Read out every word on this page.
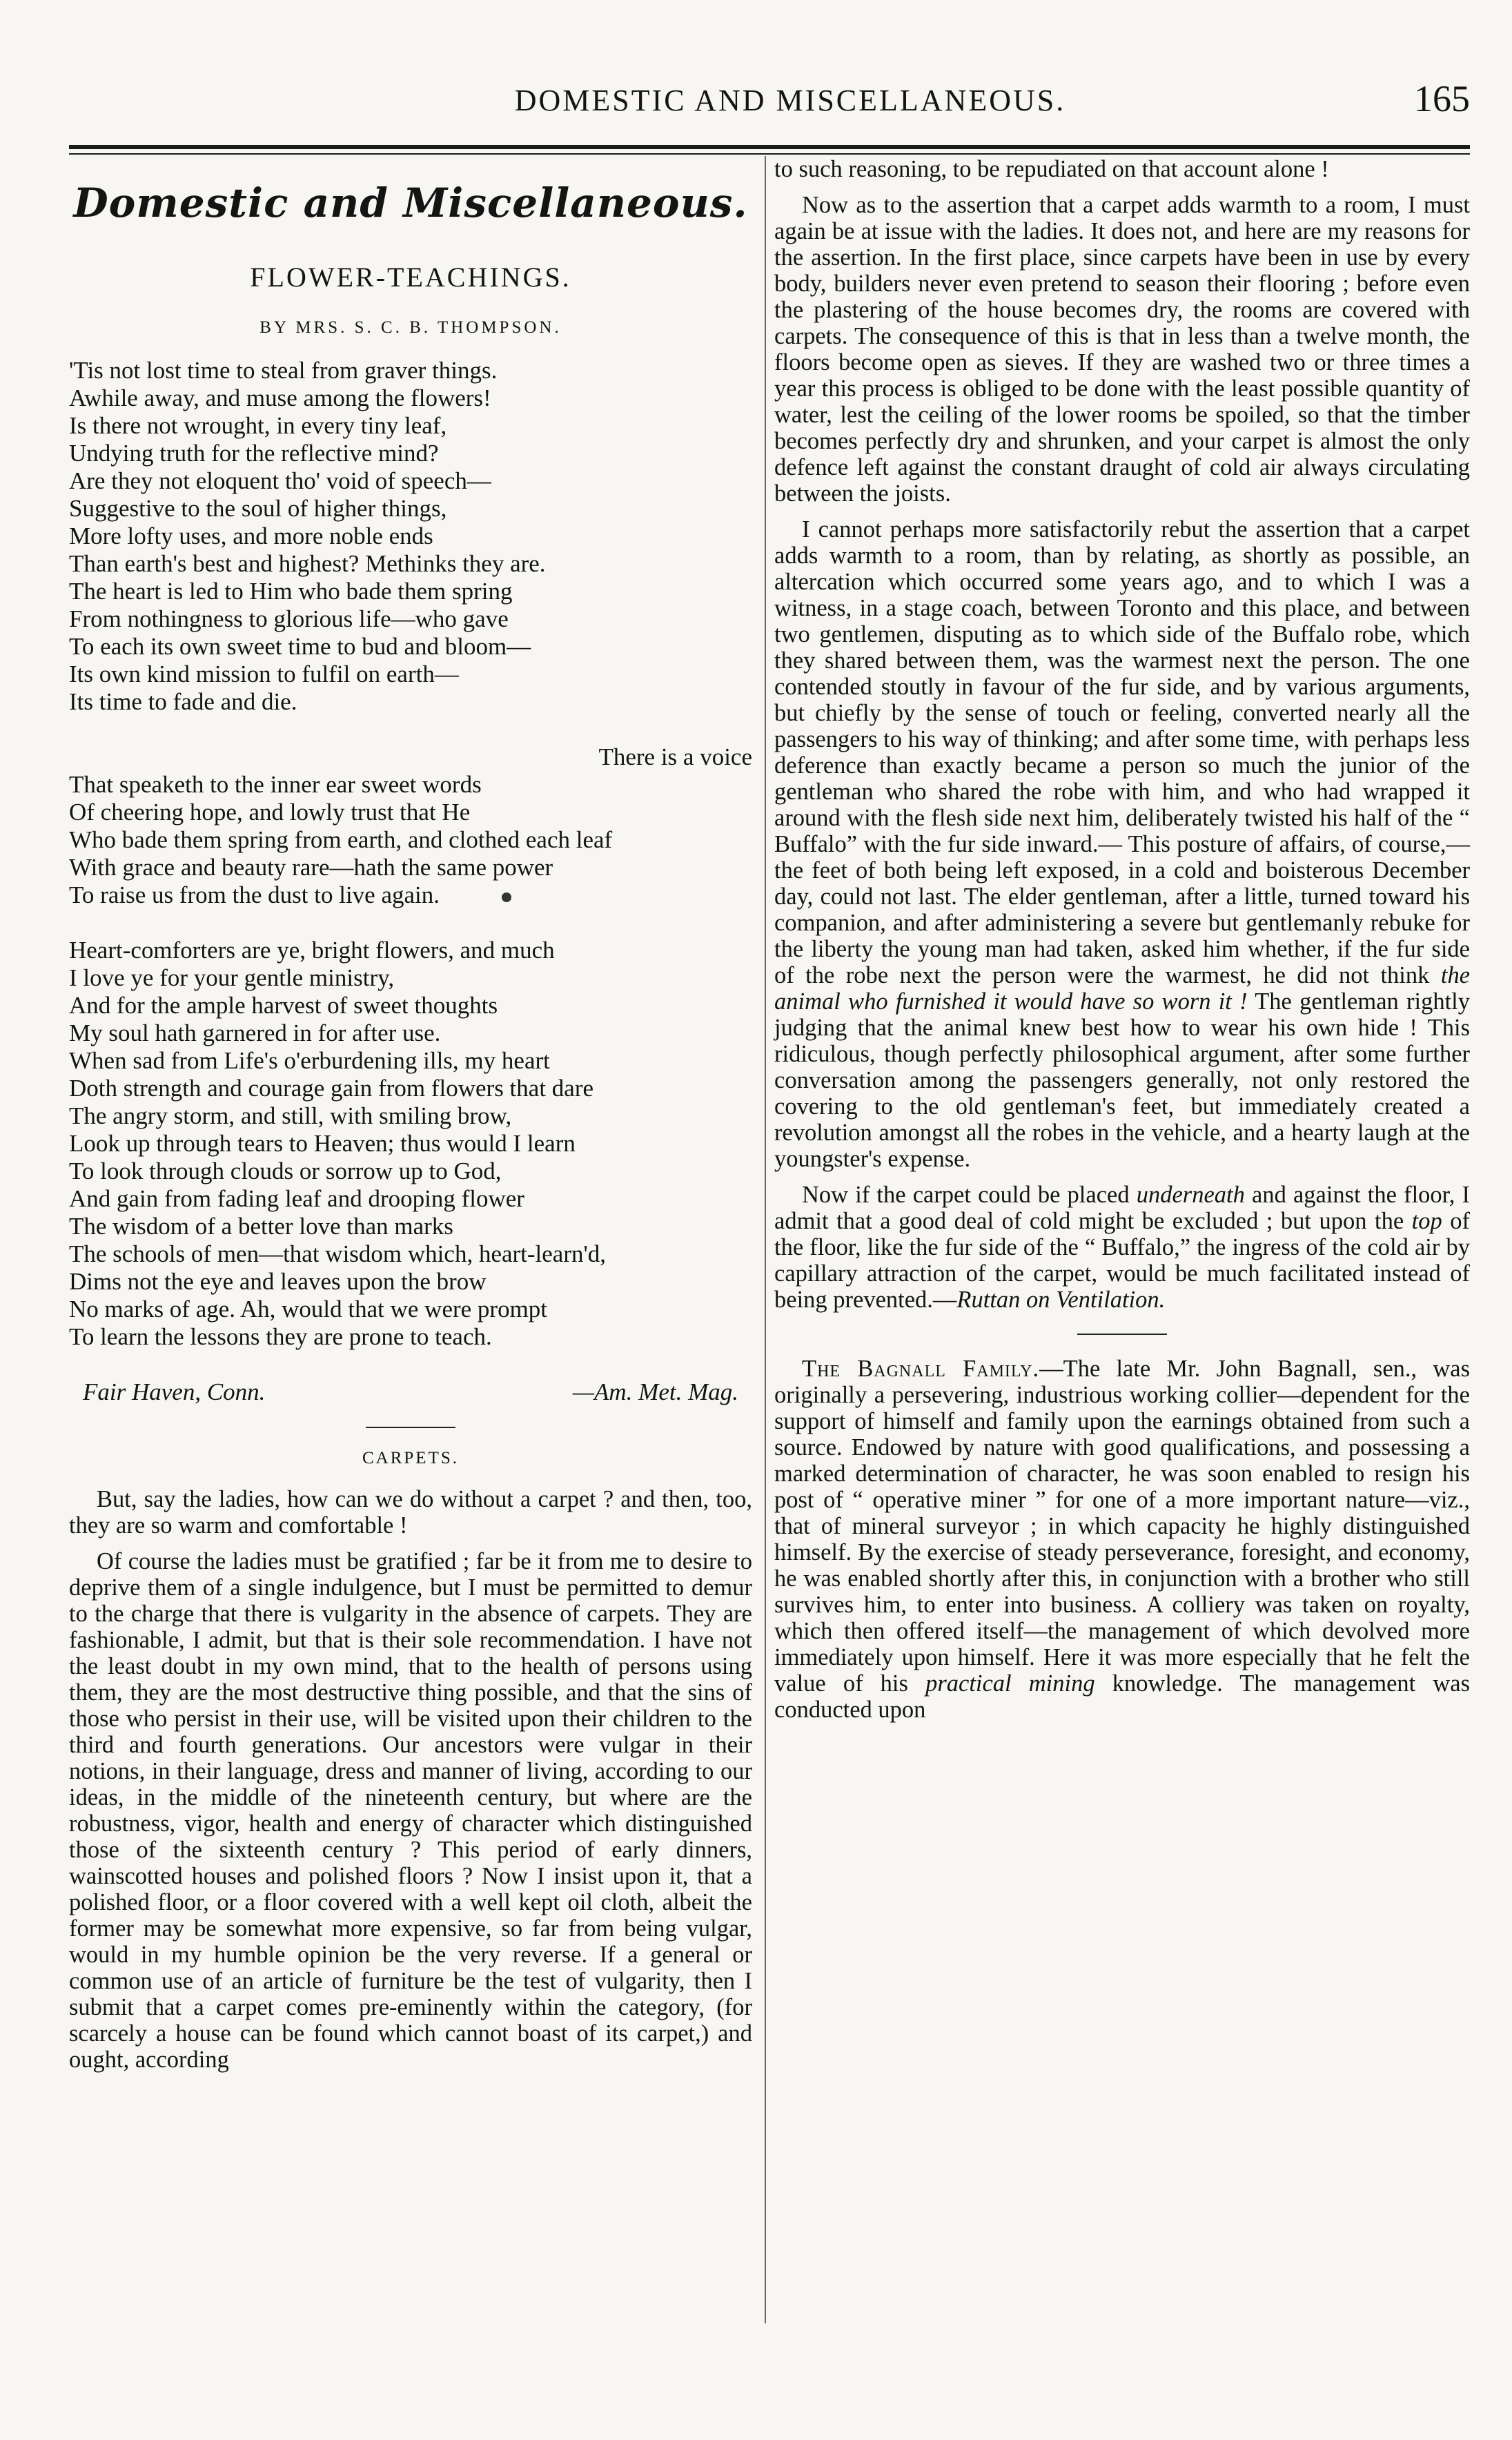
DOMESTIC AND MISCELLANEOUS.	165
Domestic and Miscellaneous.
FLOWER-TEACHINGS.
BY MRS. S. C. B. THOMPSON.
'Tis not lost time to steal from graver things.
Awhile away, and muse among the flowers!
Is there not wrought, in every tiny leaf,
Undying truth for the reflective mind?
Are they not eloquent tho' void of speech—
Suggestive to the soul of higher things,
More lofty uses, and more noble ends
Than earth's best and highest? Methinks they are.
The heart is led to Him who bade them spring
From nothingness to glorious life—who gave
To each its own sweet time to bud and bloom—
Its own kind mission to fulfil on earth—
Its time to fade and die.
There is a voice
That speaketh to the inner ear sweet words
Of cheering hope, and lowly trust that He
Who bade them spring from earth, and clothed each leaf
With grace and beauty rare—hath the same power
To raise us from the dust to live again.
Heart-comforters are ye, bright flowers, and much
I love ye for your gentle ministry,
And for the ample harvest of sweet thoughts
My soul hath garnered in for after use.
When sad from Life's o'erburdening ills, my heart
Doth strength and courage gain from flowers that dare
The angry storm, and still, with smiling brow,
Look up through tears to Heaven; thus would I learn
To look through clouds or sorrow up to God,
And gain from fading leaf and drooping flower
The wisdom of a better love than marks
The schools of men—that wisdom which, heart-learn'd,
Dims not the eye and leaves upon the brow
No marks of age. Ah, would that we were prompt
To learn the lessons they are prone to teach.
Fair Haven, Conn.	—Am. Met. Mag.
CARPETS.

But, say the ladies, how can we do without a carpet ? and then, too, they are so warm and comfortable !

Of course the ladies must be gratified ; far be it from me to desire to deprive them of a single indulgence, but I must be permitted to demur to the charge that there is vulgarity in the absence of carpets. They are fashionable, I admit, but that is their sole recommendation. I have not the least doubt in my own mind, that to the health of persons using them, they are the most destructive thing possible, and that the sins of those who persist in their use, will be visited upon their children to the third and fourth generations. Our ancestors were vulgar in their notions, in their language, dress and manner of living, according to our ideas, in the middle of the nineteenth century, but where are the robustness, vigor, health and energy of character which distinguished those of the sixteenth century ? This period of early dinners, wainscotted houses and polished floors ? Now I insist upon it, that a polished floor, or a floor covered with a well kept oil cloth, albeit the former may be somewhat more expensive, so far from being vulgar, would in my humble opinion be the very reverse. If a general or common use of an article of furniture be the test of vulgarity, then I submit that a carpet comes pre-eminently within the category, (for scarcely a house can be found which cannot boast of its carpet,) and ought, according

to such reasoning, to be repudiated on that account alone !

Now as to the assertion that a carpet adds warmth to a room, I must again be at issue with the ladies. It does not, and here are my reasons for the assertion. In the first place, since carpets have been in use by every body, builders never even pretend to season their flooring ; before even the plastering of the house becomes dry, the rooms are covered with carpets. The consequence of this is that in less than a twelve month, the floors become open as sieves. If they are washed two or three times a year this process is obliged to be done with the least possible quantity of water, lest the ceiling of the lower rooms be spoiled, so that the timber becomes perfectly dry and shrunken, and your carpet is almost the only defence left against the constant draught of cold air always circulating between the joists.

I cannot perhaps more satisfactorily rebut the assertion that a carpet adds warmth to a room, than by relating, as shortly as possible, an altercation which occurred some years ago, and to which I was a witness, in a stage coach, between Toronto and this place, and between two gentlemen, disputing as to which side of the Buffalo robe, which they shared between them, was the warmest next the person. The one contended stoutly in favour of the fur side, and by various arguments, but chiefly by the sense of touch or feeling, converted nearly all the passengers to his way of thinking; and after some time, with perhaps less deference than exactly became a person so much the junior of the gentleman who shared the robe with him, and who had wrapped it around with the flesh side next him, deliberately twisted his half of the “ Buffalo” with the fur side inward.— This posture of affairs, of course,—the feet of both being left exposed, in a cold and boisterous December day, could not last. The elder gentleman, after a little, turned toward his companion, and after administering a severe but gentlemanly rebuke for the liberty the young man had taken, asked him whether, if the fur side of the robe next the person were the warmest, he did not think the animal who furnished it would have so worn it ! The gentleman rightly judging that the animal knew best how to wear his own hide ! This ridiculous, though perfectly philosophical argument, after some further conversation among the passengers generally, not only restored the covering to the old gentleman's feet, but immediately created a revolution amongst all the robes in the vehicle, and a hearty laugh at the youngster's expense.

Now if the carpet could be placed underneath and against the floor, I admit that a good deal of cold might be excluded ; but upon the top of the floor, like the fur side of the “ Buffalo,” the ingress of the cold air by capillary attraction of the carpet, would be much facilitated instead of being prevented.—Ruttan on Ventilation.

The Bagnall Family.—The late Mr. John Bagnall, sen., was originally a persevering, industrious working collier—dependent for the support of himself and family upon the earnings obtained from such a source. Endowed by nature with good qualifications, and possessing a marked determination of character, he was soon enabled to resign his post of “ operative miner ” for one of a more important nature—viz., that of mineral surveyor ; in which capacity he highly distinguished himself. By the exercise of steady perseverance, foresight, and economy, he was enabled shortly after this, in conjunction with a brother who still survives him, to enter into business. A colliery was taken on royalty, which then offered itself—the management of which devolved more immediately upon himself. Here it was more especially that he felt the value of his practical mining knowledge. The management was conducted upon
